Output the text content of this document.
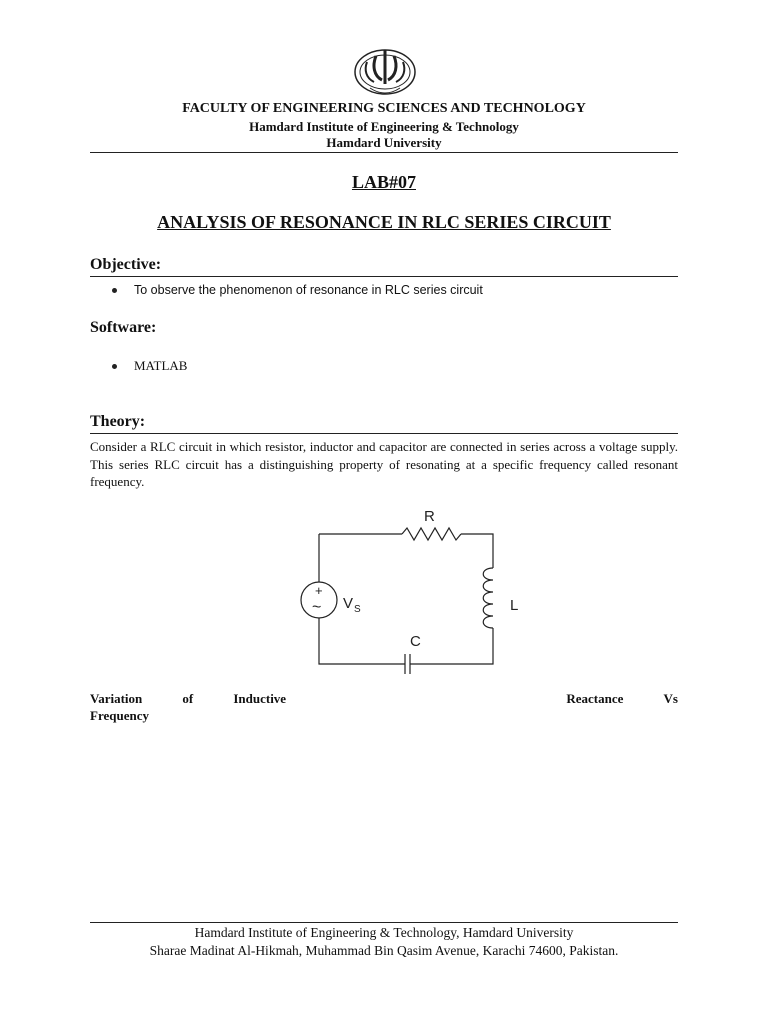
FACULTY OF ENGINEERING SCIENCES AND TECHNOLOGY
Hamdard Institute of Engineering & Technology
Hamdard University
LAB#07
ANALYSIS OF RESONANCE IN RLC SERIES CIRCUIT
Objective:
To observe the phenomenon of resonance in RLC series circuit
Software:
MATLAB
Theory:
Consider a RLC circuit in which resistor, inductor and capacitor are connected in series across a voltage supply. This series RLC circuit has a distinguishing property of resonating at a specific frequency called resonant frequency.
R
L
C
+
~ V S
Variation	of	Inductive	Reactance	Vs
Frequency
Hamdard Institute of Engineering & Technology, Hamdard University
Sharae Madinat Al-Hikmah, Muhammad Bin Qasim Avenue, Karachi 74600, Pakistan.
